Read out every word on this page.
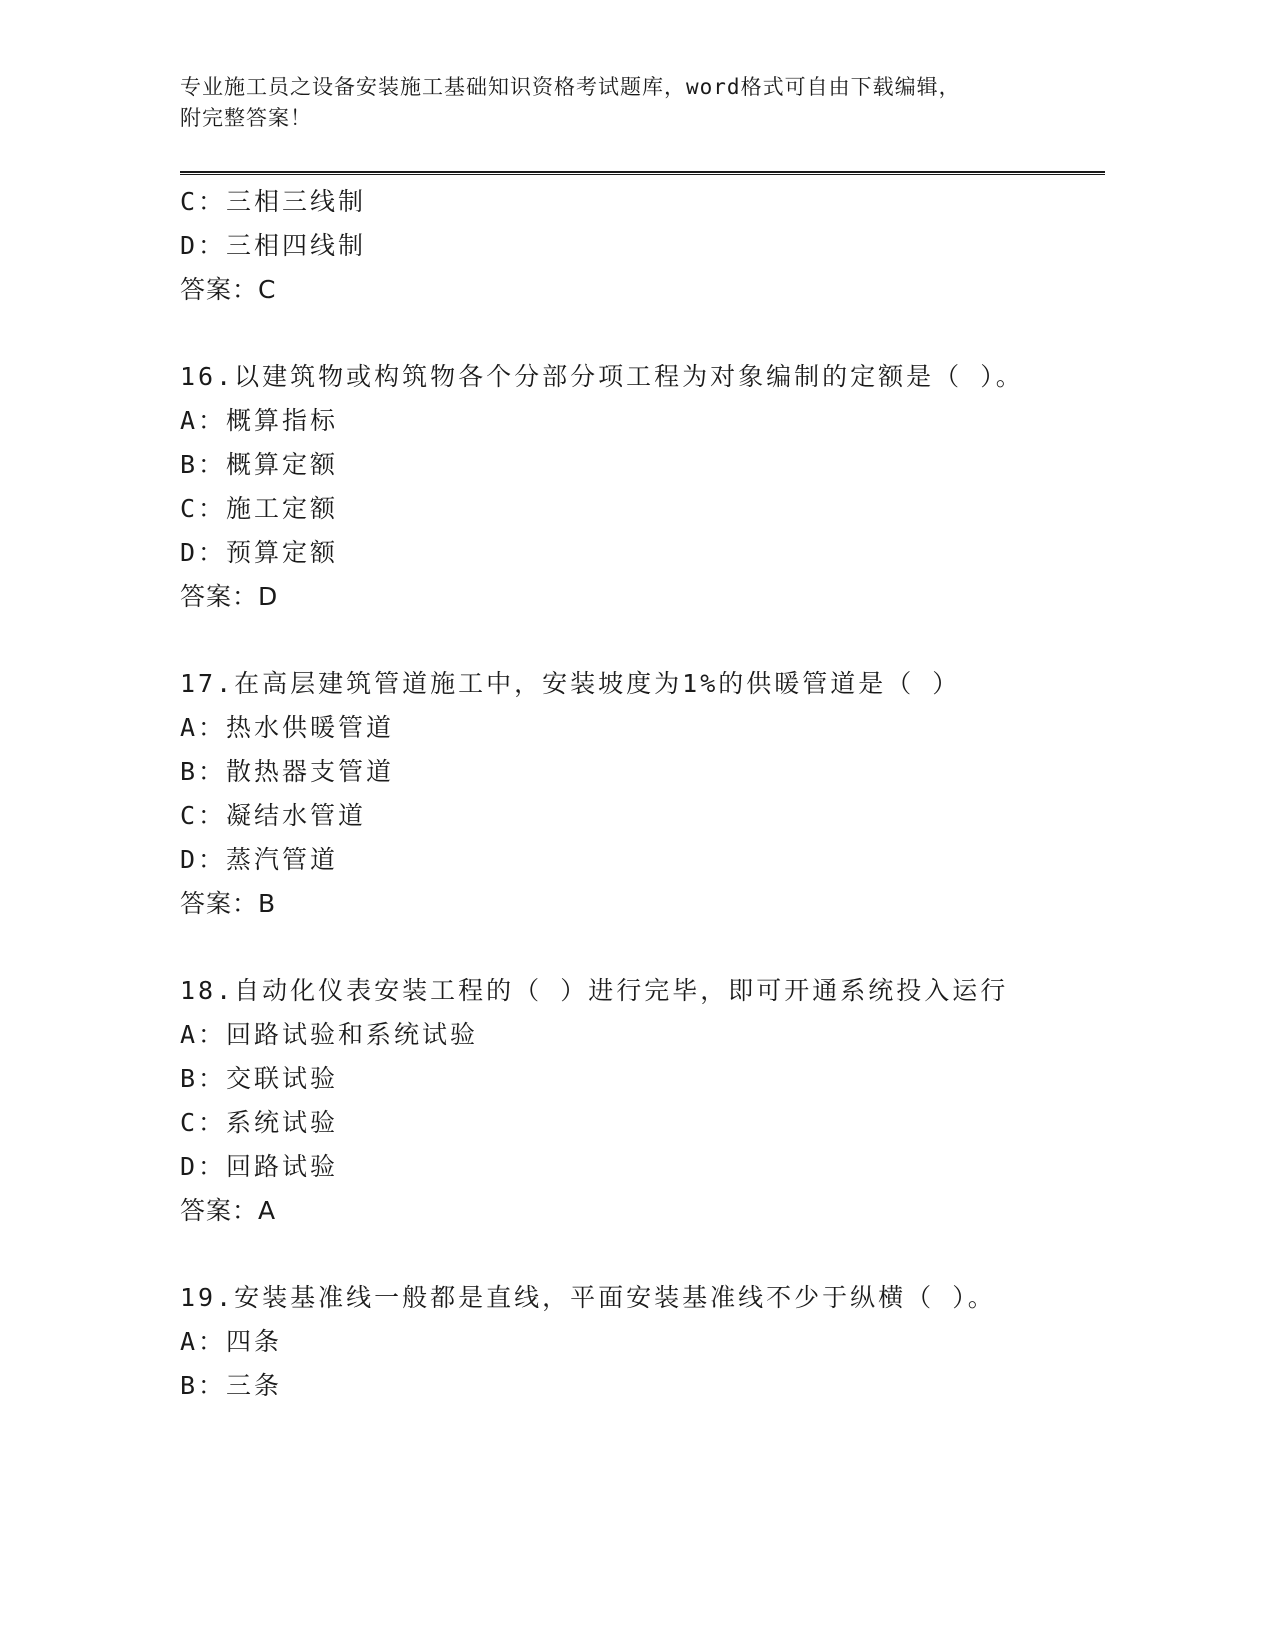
专业施工员之设备安装施工基础知识资格考试题库，word格式可自由下载编辑，
附完整答案！
C：三相三线制
D：三相四线制
答案：C
16.以建筑物或构筑物各个分部分项工程为对象编制的定额是（ ）。
A：概算指标
B：概算定额
C：施工定额
D：预算定额
答案：D
17.在高层建筑管道施工中，安装坡度为1%的供暖管道是（ ）
A：热水供暖管道
B：散热器支管道
C：凝结水管道
D：蒸汽管道
答案：B
18.自动化仪表安装工程的（ ）进行完毕，即可开通系统投入运行
A：回路试验和系统试验
B：交联试验
C：系统试验
D：回路试验
答案：A
19.安装基准线一般都是直线，平面安装基准线不少于纵横（ ）。
A：四条
B：三条
